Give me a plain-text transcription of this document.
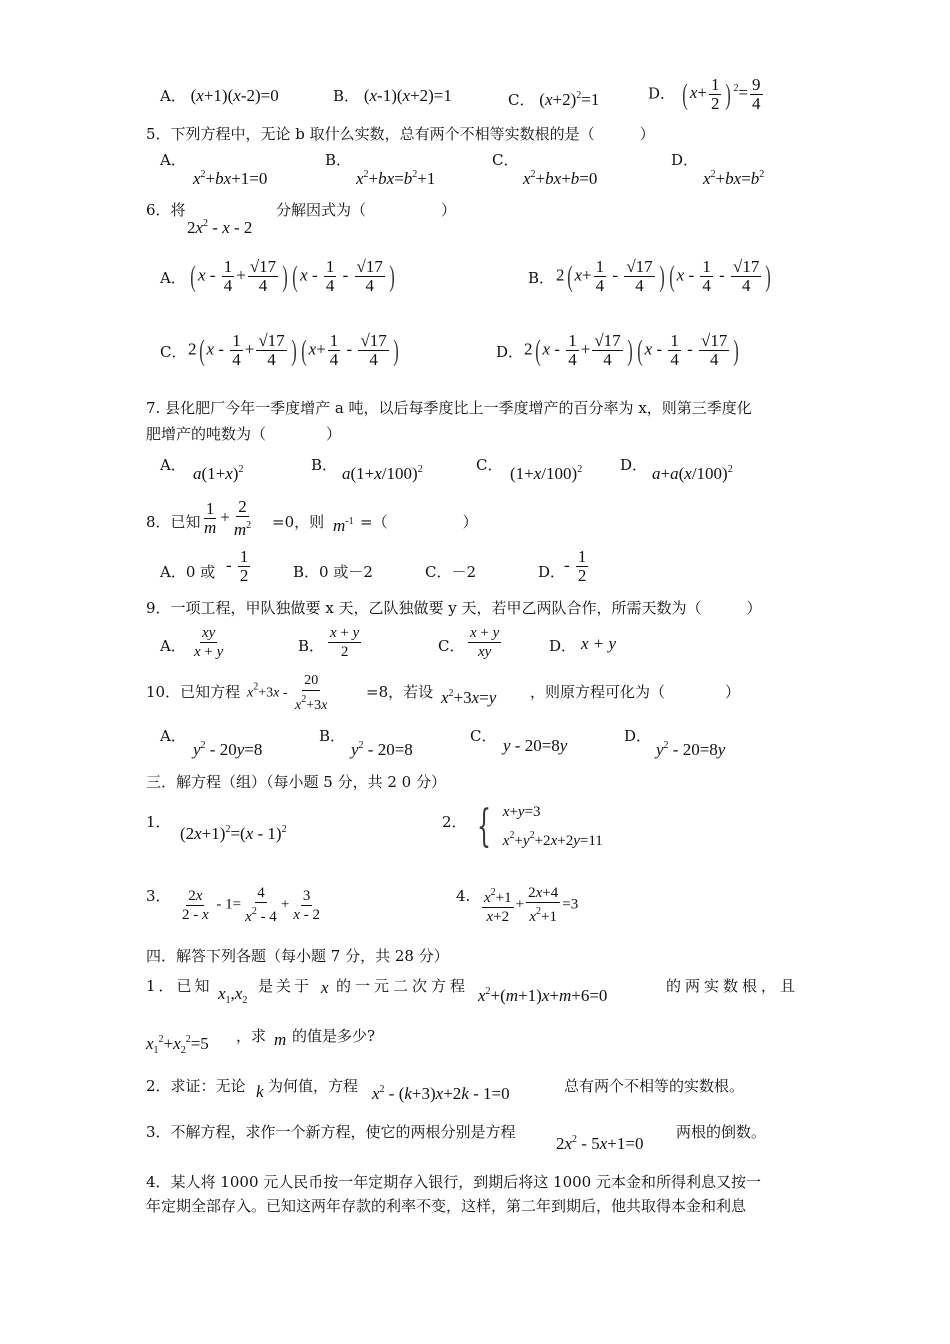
A． (x+1)(x-2)=0	B． (x-1)(x+2)=1	C． $(x+2)^2=1$	D． ( $x+ \frac{1}{2}$ ) $^2= \frac{9}{4}$
5．下列方程中，无论 b 取什么实数，总有两个不相等实数根的是（　　　）
A．
$x^2+bx+1=0$
B．
$x^2+bx=b^2+1$
C．
$x^2+bx+b=0$
D．
$x^2+bx=b^2$
6．将
$2x^2$ - x - 2
分解因式为（　　　　　）
A． ( $x - \frac{1}{4} + \frac{√17}{4}$ ) ( x - $\frac{1}{4} - \frac{√17}{4}$ )	B． 2( $x+ \frac{1}{4} - \frac{√17}{4}$ ) ( x - $\frac{1}{4} - \frac{√17}{4}$ )
C． 2( $x - \frac{1}{4} + \frac{√17}{4}$ ) ( $x+ \frac{1}{4} - \frac{√17}{4}$ )	D． 2( $x - \frac{1}{4} + \frac{√17}{4}$ ) ( x - $\frac{1}{4} - \frac{√17}{4}$ )
7. 县化肥厂今年一季度增产 a 吨，以后每季度比上一季度增产的百分率为 x，则第三季度化
肥增产的吨数为（　　　　）
A． $a(1+x)^2$	B． $a(1+x/100)^2$	C． $(1+x/100)^2$	D． $a+a(x/100)^2$
8．已知 $\frac{1}{m} + \frac{2}{m^2} =0$，则 $m^{-1}$ =（　　　　　）
A．0 或 - $\frac{1}{2}$	B．0 或－2	C．－2	D．
- $\frac{1}{2}$
9．一项工程，甲队独做要 x 天，乙队独做要 y 天，若甲乙两队合作，所需天数为（　　　）
A． $\frac{xy}{x + y}$	B． $\frac{x + y}{2}$	C． $\frac{x + y}{xy}$	D． x + y
10．已知方程 $x^2+3x - \frac{20}{x^2+3x} =8$，若设 $x^2+3x=y$ ，则原方程可化为（　　　　）
A．
$y^2 - 20y=8$
B．
$y^2 - 20=8$
C． y - 20=8y	D．
$y^2 - 20=8y$
三．解方程（组）（每小题 5 分，共 2 0 分）
1．
$(2x+1)^2=(x - 1)^2$	2． { x+y=3
$x^2+y^2+2x+2y=11$
3． $\frac{2x}{2 - x} - 1= \frac{4}{x^2 - 4} + \frac{3}{x - 2}$	4. $\frac{x^2+1}{x+2} + \frac{2x+4}{x^2+1} =3$
四．解答下列各题（每小题 7 分，共 28 分）
1．已知 $x_1,x_2$
是关于 x 的一元二次方程 $x^2+(m+1)x+m+6=0$	的两实数根，且
$x_1^2+x_2^2=5$ ，求 m 的值是多少?
2．求证：无论 k 为何值，方程 $x^2 - (k+3)x+2k - 1=0$	总有两个不相等的实数根。
3．不解方程，求作一个新方程，使它的两根分别是方程
$2x^2 - 5x+1=0$
两根的倒数。
4．某人将 1000 元人民币按一年定期存入银行，到期后将这 1000 元本金和所得利息又按一
年定期全部存入。已知这两年存款的利率不变，这样，第二年到期后，他共取得本金和利息
